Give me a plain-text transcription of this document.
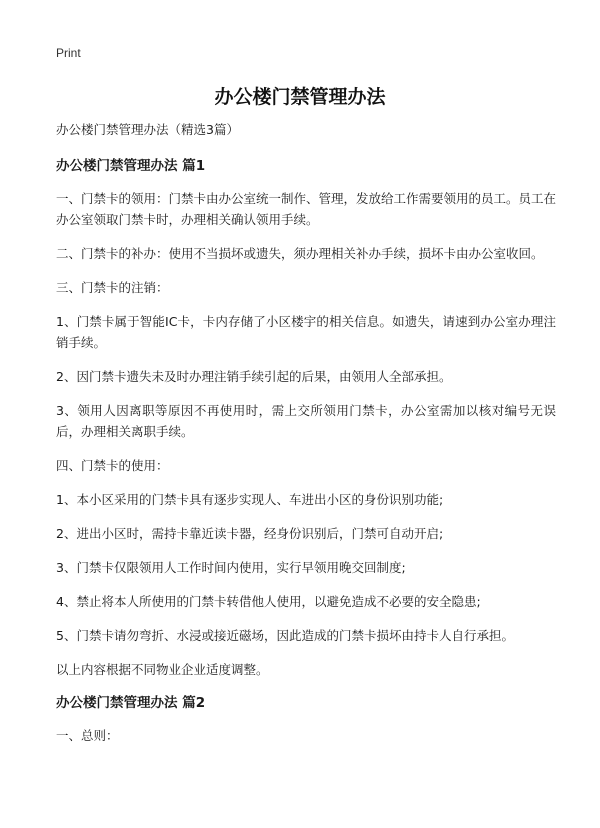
Print
办公楼门禁管理办法

办公楼门禁管理办法（精选3篇）

办公楼门禁管理办法 篇1

一、门禁卡的领用：门禁卡由办公室统一制作、管理，发放给工作需要领用的员工。员工在办公室领取门禁卡时，办理相关确认领用手续。

二、门禁卡的补办：使用不当损坏或遗失，须办理相关补办手续，损坏卡由办公室收回。

三、门禁卡的注销：

1、门禁卡属于智能IC卡，卡内存储了小区楼宇的相关信息。如遗失，请速到办公室办理注销手续。

2、因门禁卡遗失未及时办理注销手续引起的后果，由领用人全部承担。

3、领用人因离职等原因不再使用时，需上交所领用门禁卡，办公室需加以核对编号无误后，办理相关离职手续。

四、门禁卡的使用：

1、本小区采用的门禁卡具有逐步实现人、车进出小区的身份识别功能;

2、进出小区时，需持卡靠近读卡器，经身份识别后，门禁可自动开启;

3、门禁卡仅限领用人工作时间内使用，实行早领用晚交回制度;

4、禁止将本人所使用的门禁卡转借他人使用，以避免造成不必要的安全隐患;

5、门禁卡请勿弯折、水浸或接近磁场，因此造成的门禁卡损坏由持卡人自行承担。

以上内容根据不同物业企业适度调整。

办公楼门禁管理办法 篇2

一、总则：
